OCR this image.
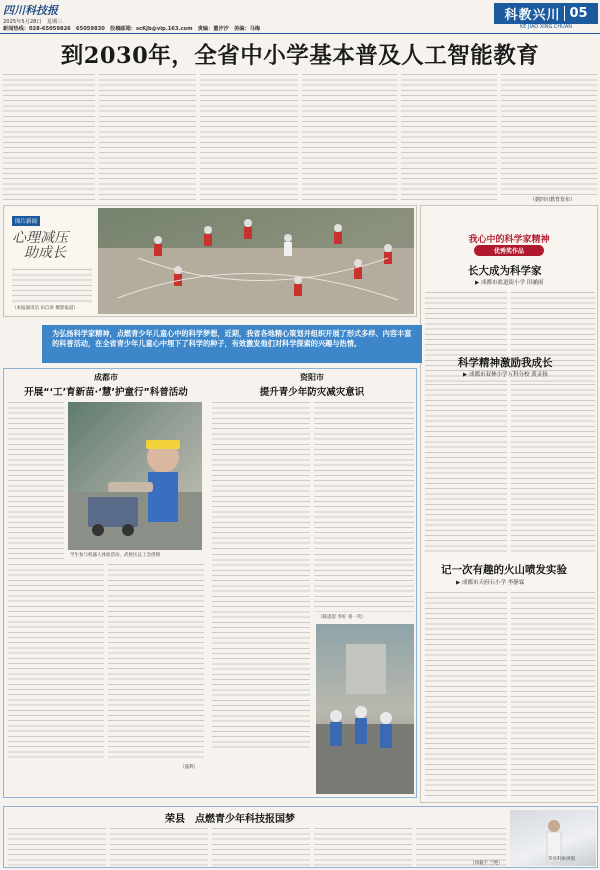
四川科技报
2025年5月28日　星期三
新闻热线：028-65059826　65059830　投稿邮箱：scKjb@vip.163.com　责编：董汐汐　美编：马梅
科教兴川 05
KE JIAO XING CHUAN
到2030年，全省中小学基本普及人工智能教育
（据四川教育发布）
图片新闻
心理减压
助成长
（本报通讯员 田自涛 摄影报道）
我心中的科学家精神
优秀奖作品
长大成为科学家
▶ 成都市盐道街小学 田涵雨
科学精神激励我成长
▶ 成都市双林小学万科分校 黄灵扬
记一次有趣的火山喷发实验
▶ 成都市天府石小学 李静霖
为弘扬科学家精神，点燃青少年儿童心中的科学梦想，近期，我省各地精心策划并组织开展了形式多样、内容丰富的科普活动，在全省青少年儿童心中埋下了科学的种子，有效激发他们对科学探索的兴趣与热情。
成都市
开展“‘工’育新苗·‘慧’护童行”科普活动
学生参与机器人体验活动。武侯区总工会供图
（盛利）
资阳市
提升青少年防灾减灾意识
（陈思思 李好 刘一笑）
荣县　点燃青少年科技报国梦
（徐毅宇 兰艳）
荣县科协供图
